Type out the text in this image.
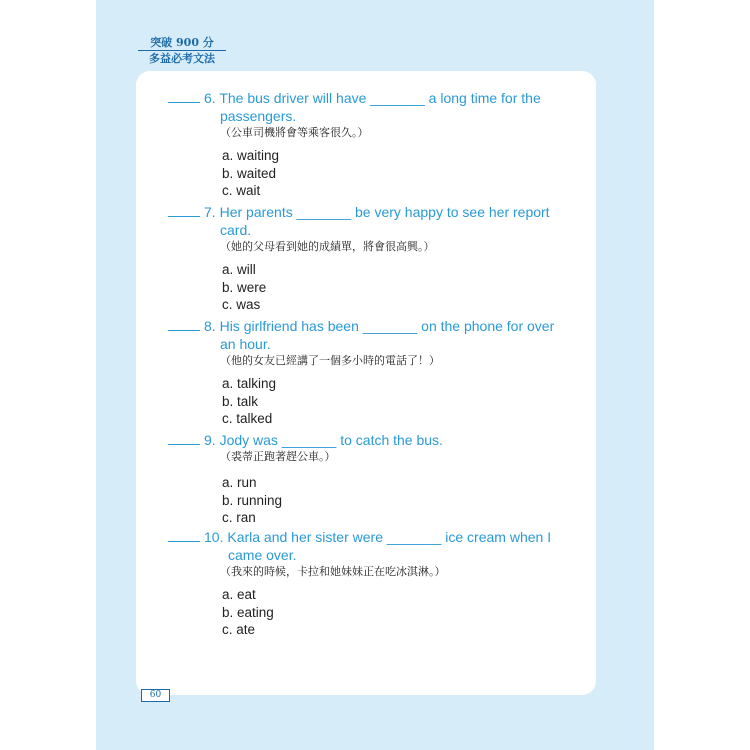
突破 900 分
多益必考文法
6. The bus driver will have _______ a long time for the
passengers.
（公車司機將會等乘客很久。）
a. waiting
b. waited
c. wait
7. Her parents _______ be very happy to see her report
card.
（她的父母看到她的成績單，將會很高興。）
a. will
b. were
c. was
8. His girlfriend has been _______ on the phone for over
an hour.
（他的女友已經講了一個多小時的電話了！）
a. talking
b. talk
c. talked
9. Jody was _______ to catch the bus.
（裘蒂正跑著趕公車。）
a. run
b. running
c. ran
10. Karla and her sister were _______ ice cream when I
came over.
（我來的時候，卡拉和她妹妹正在吃冰淇淋。）
a. eat
b. eating
c. ate
60
